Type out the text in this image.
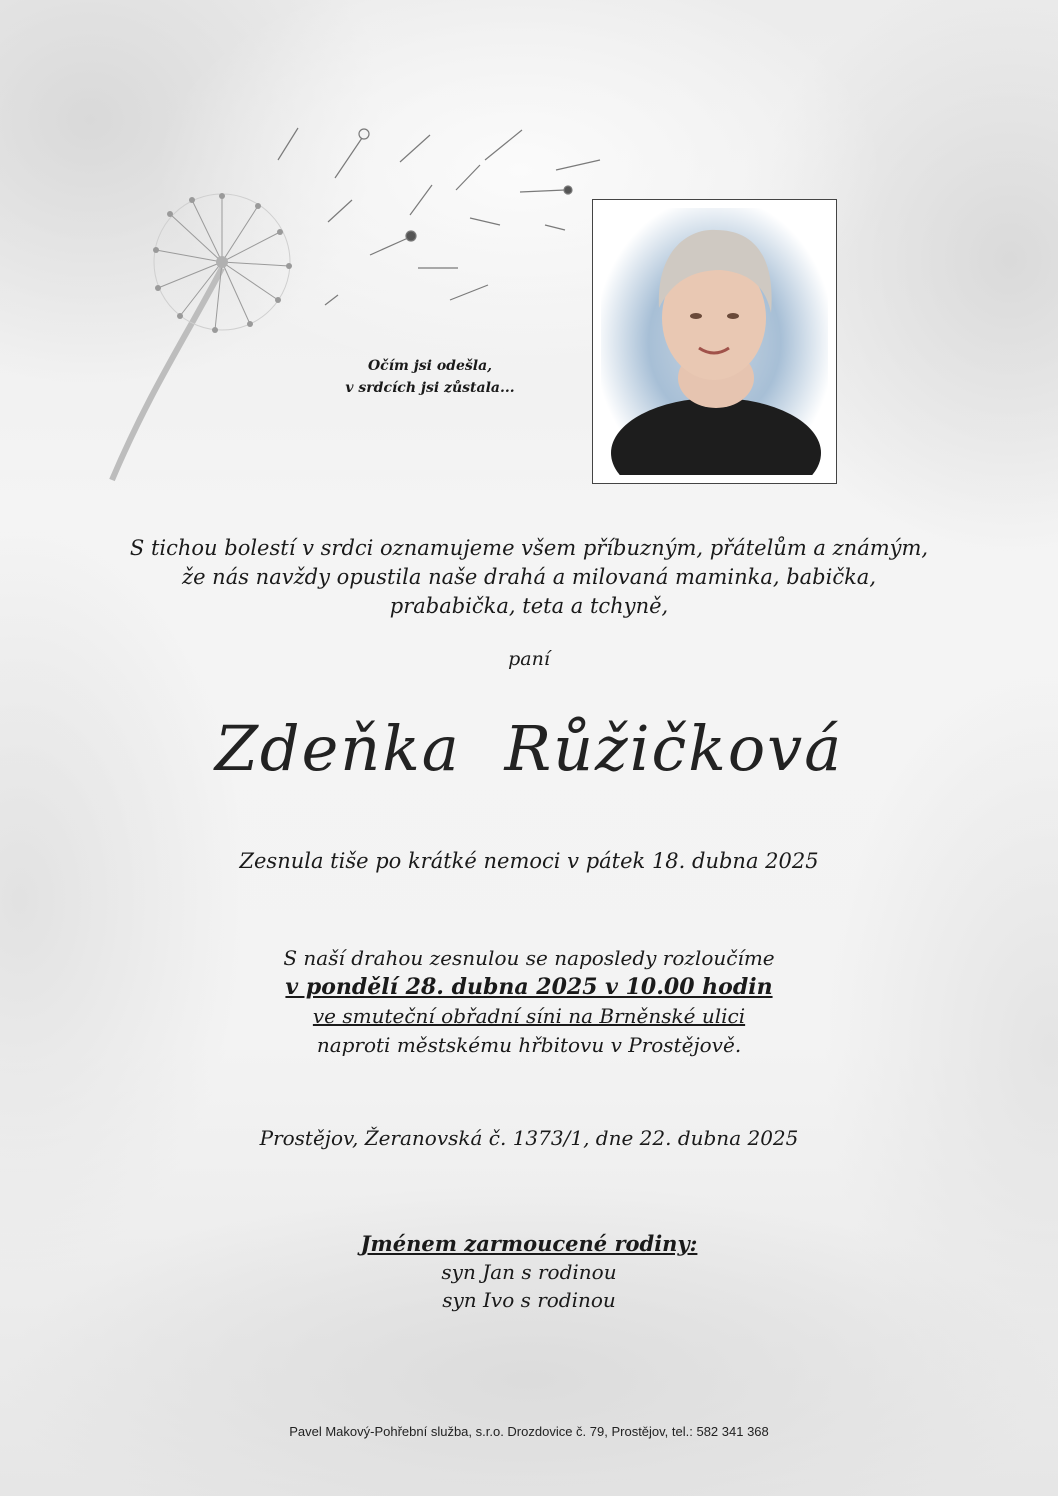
Očím jsi odešla,
v srdcích jsi zůstala...
S tichou bolestí v srdci oznamujeme všem příbuzným, přátelům a známým,
že nás navždy opustila naše drahá a milovaná maminka, babička,
prababička, teta a tchyně,
paní
Zdeňka Růžičková
Zesnula tiše po krátké nemoci v pátek 18. dubna 2025
S naší drahou zesnulou se naposledy rozloučíme
v pondělí 28. dubna 2025 v 10.00 hodin
ve smuteční obřadní síni na Brněnské ulici
naproti městskému hřbitovu v Prostějově.
Prostějov, Žeranovská č. 1373/1, dne 22. dubna 2025
Jménem zarmoucené rodiny:
syn Jan s rodinou
syn Ivo s rodinou
Pavel Makový-Pohřební služba, s.r.o. Drozdovice č. 79, Prostějov, tel.: 582 341 368
